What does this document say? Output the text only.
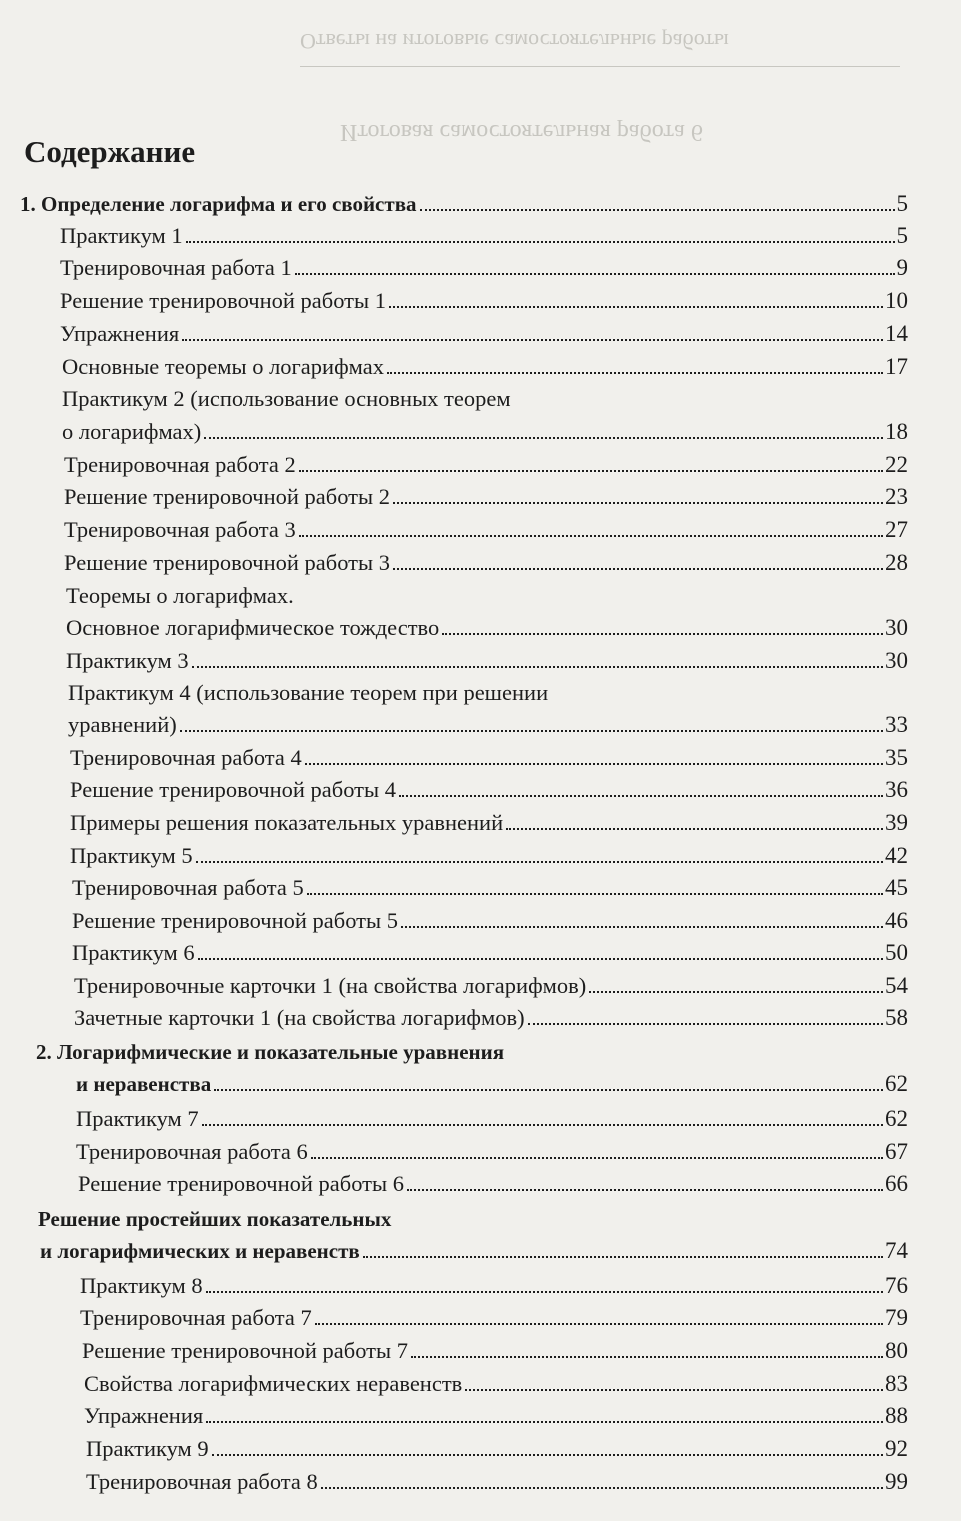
Ответы на итоговые самостоятельные работы
Итоговая самостоятельная работа 6
Содержание
1. Определение логарифма и его свойства	5
Практикум 1	5
Тренировочная работа 1	9
Решение тренировочной работы 1	10
Упражнения	14
Основные теоремы о логарифмах	17
Практикум 2 (использование основных теорем
о логарифмах)	18
Тренировочная работа 2	22
Решение тренировочной работы 2	23
Тренировочная работа 3	27
Решение тренировочной работы 3	28
Теоремы о логарифмах.
Основное логарифмическое тождество	30
Практикум 3	30
Практикум 4 (использование теорем при решении
уравнений)	33
Тренировочная работа 4	35
Решение тренировочной работы 4	36
Примеры решения показательных уравнений	39
Практикум 5	42
Тренировочная работа 5	45
Решение тренировочной работы 5	46
Практикум 6	50
Тренировочные карточки 1 (на свойства логарифмов)	54
Зачетные карточки 1 (на свойства логарифмов)	58
2. Логарифмические и показательные уравнения
и неравенства	62
Практикум 7	62
Тренировочная работа 6	67
Решение тренировочной работы 6	66
Решение простейших показательных
и логарифмических и неравенств	74
Практикум 8	76
Тренировочная работа 7	79
Решение тренировочной работы 7	80
Свойства логарифмических неравенств	83
Упражнения	88
Практикум 9	92
Тренировочная работа 8	99
